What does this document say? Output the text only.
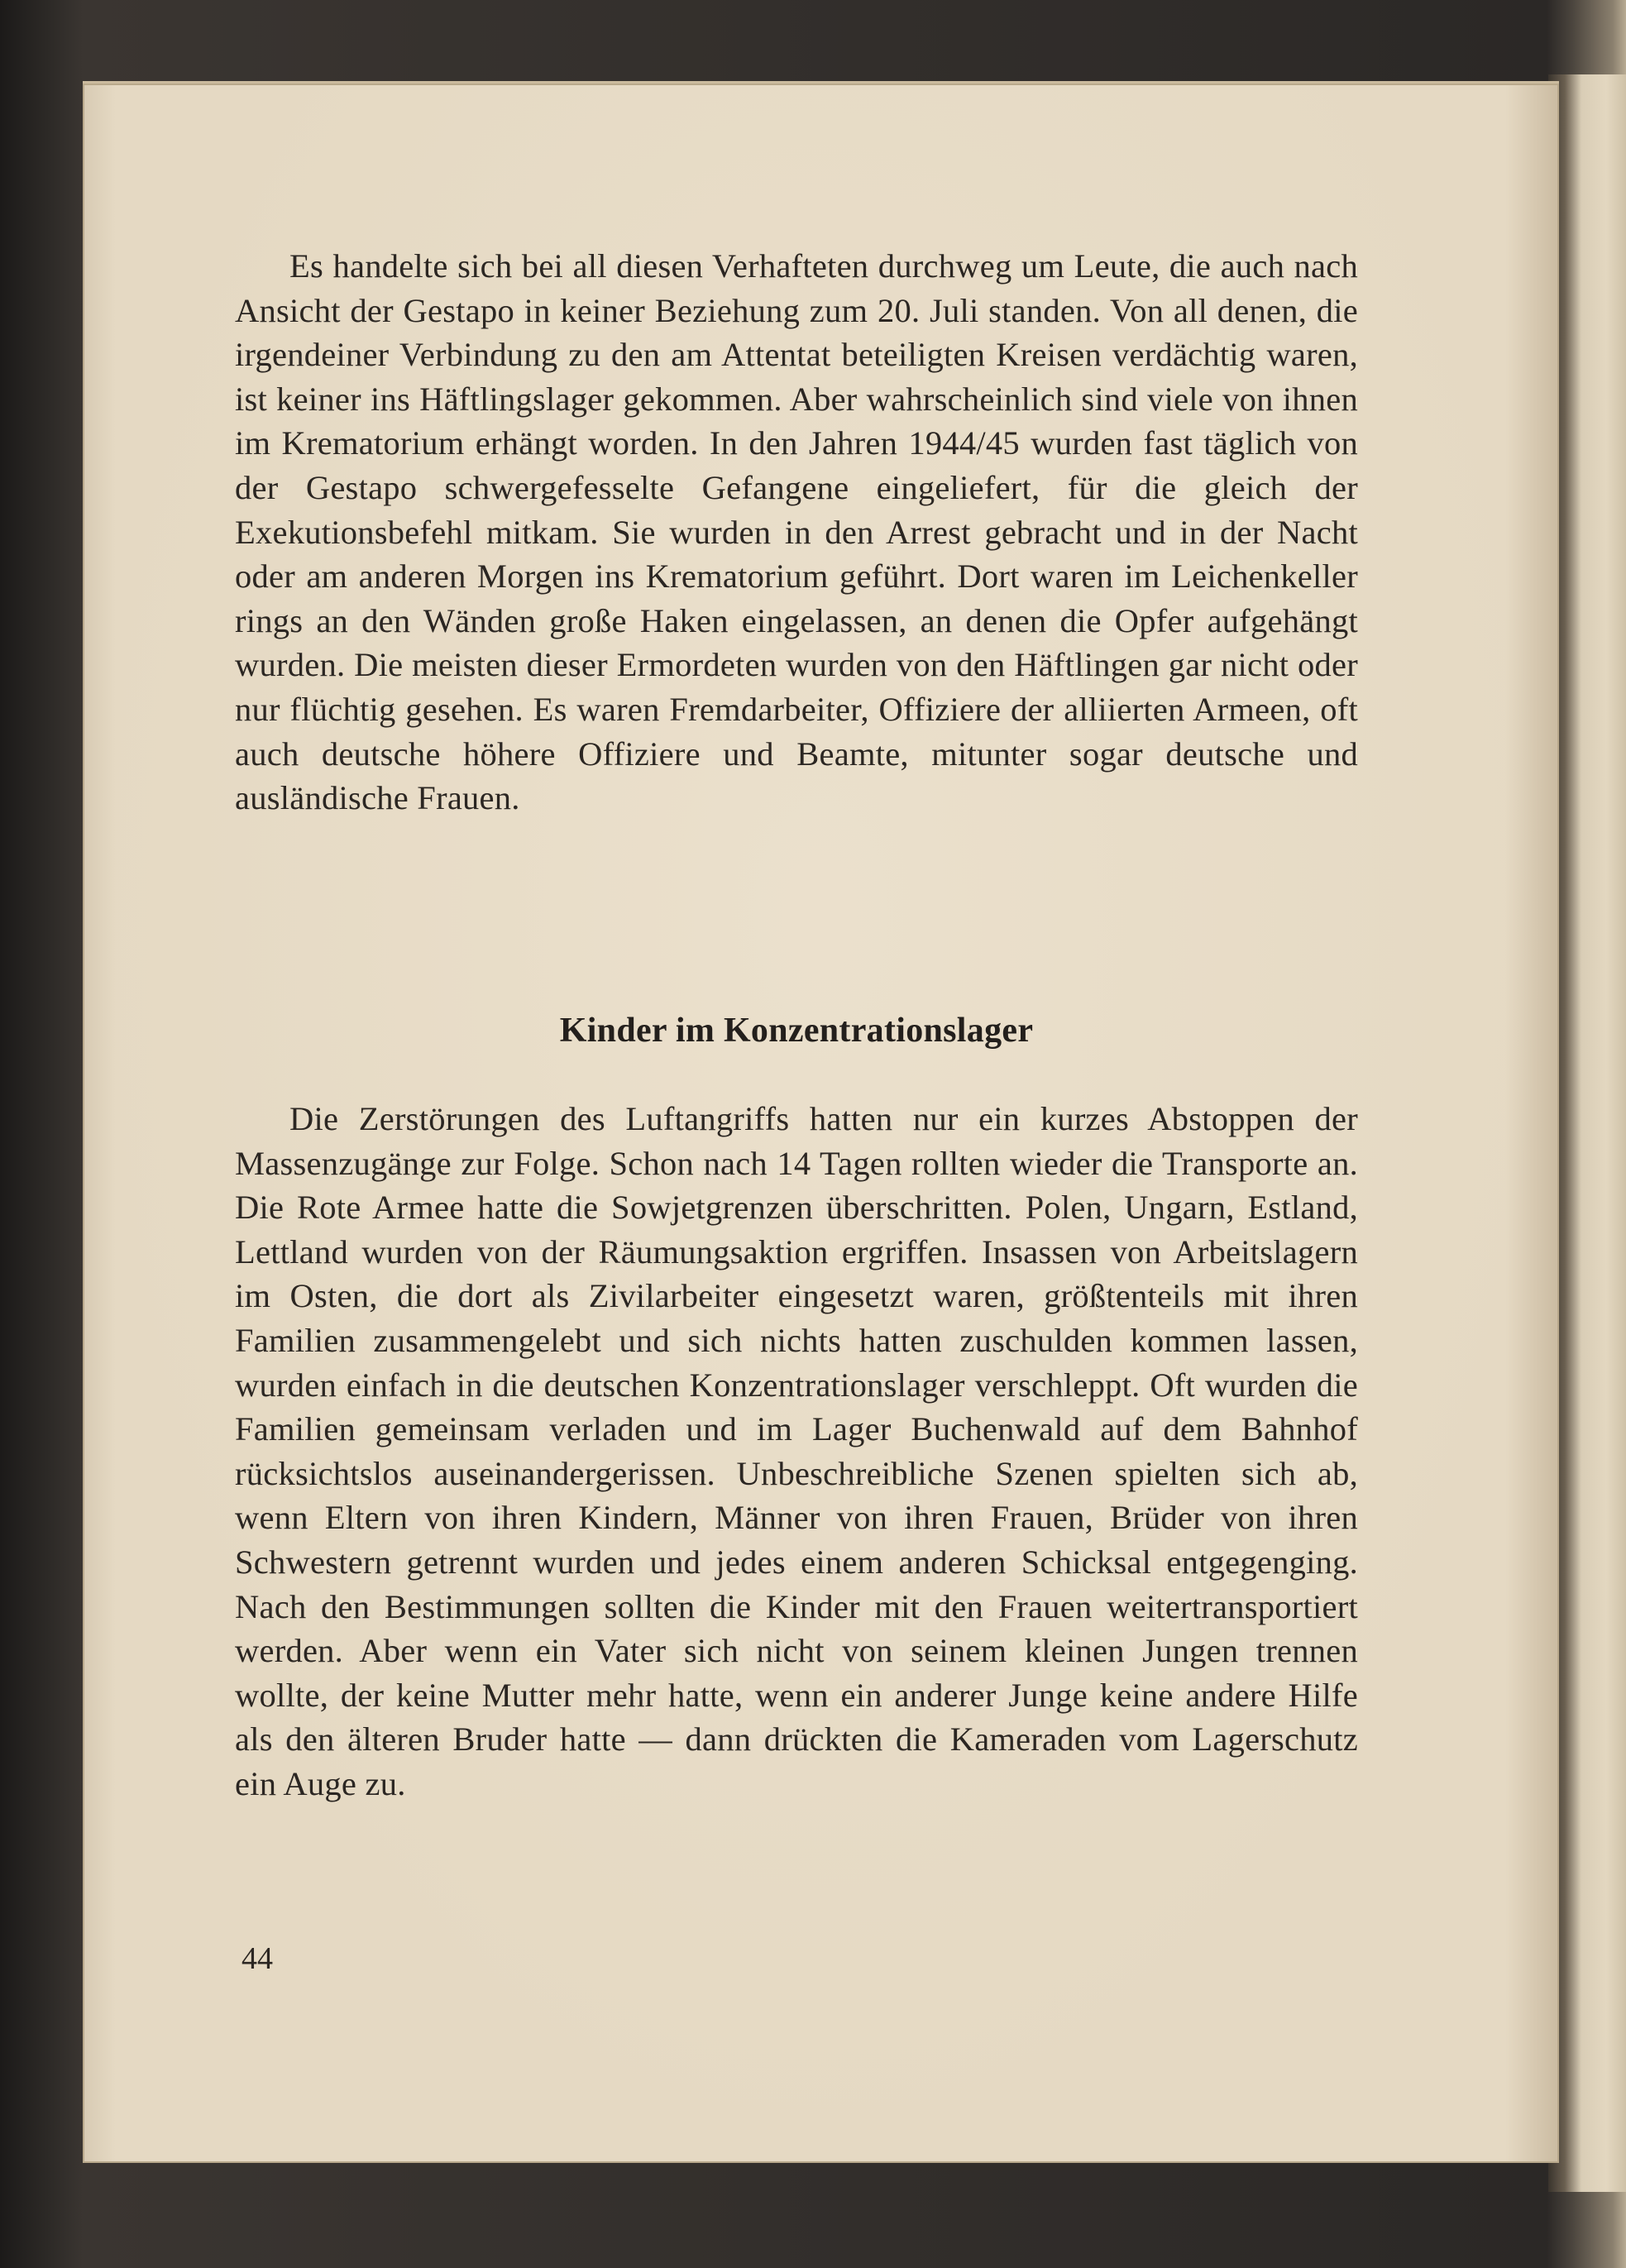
Es handelte sich bei all diesen Verhafteten durchweg um Leute, die auch nach Ansicht der Gestapo in keiner Beziehung zum 20. Juli standen. Von all denen, die irgendeiner Verbindung zu den am Attentat beteiligten Kreisen verdächtig waren, ist keiner ins Häftlingslager gekommen. Aber wahrscheinlich sind viele von ihnen im Krematorium erhängt worden. In den Jahren 1944/45 wurden fast täglich von der Gestapo schwergefesselte Gefangene eingeliefert, für die gleich der Exekutionsbefehl mitkam. Sie wurden in den Arrest gebracht und in der Nacht oder am anderen Morgen ins Krematorium geführt. Dort waren im Leichenkeller rings an den Wänden große Haken eingelassen, an denen die Opfer aufgehängt wurden. Die meisten dieser Ermordeten wurden von den Häftlingen gar nicht oder nur flüchtig gesehen. Es waren Fremdarbeiter, Offiziere der alliierten Armeen, oft auch deutsche höhere Offiziere und Beamte, mitunter sogar deutsche und ausländische Frauen.

Kinder im Konzentrationslager

Die Zerstörungen des Luftangriffs hatten nur ein kurzes Abstoppen der Massenzugänge zur Folge. Schon nach 14 Tagen rollten wieder die Transporte an. Die Rote Armee hatte die Sowjetgrenzen überschritten. Polen, Ungarn, Estland, Lettland wurden von der Räumungsaktion ergriffen. Insassen von Arbeitslagern im Osten, die dort als Zivilarbeiter eingesetzt waren, größtenteils mit ihren Familien zusammengelebt und sich nichts hatten zuschulden kommen lassen, wurden einfach in die deutschen Konzentrationslager verschleppt. Oft wurden die Familien gemeinsam verladen und im Lager Buchenwald auf dem Bahnhof rücksichtslos auseinandergerissen. Unbeschreibliche Szenen spielten sich ab, wenn Eltern von ihren Kindern, Männer von ihren Frauen, Brüder von ihren Schwestern getrennt wurden und jedes einem anderen Schicksal entgegenging. Nach den Bestimmungen sollten die Kinder mit den Frauen weitertransportiert werden. Aber wenn ein Vater sich nicht von seinem kleinen Jungen trennen wollte, der keine Mutter mehr hatte, wenn ein anderer Junge keine andere Hilfe als den älteren Bruder hatte — dann drückten die Kameraden vom Lagerschutz ein Auge zu.

44
